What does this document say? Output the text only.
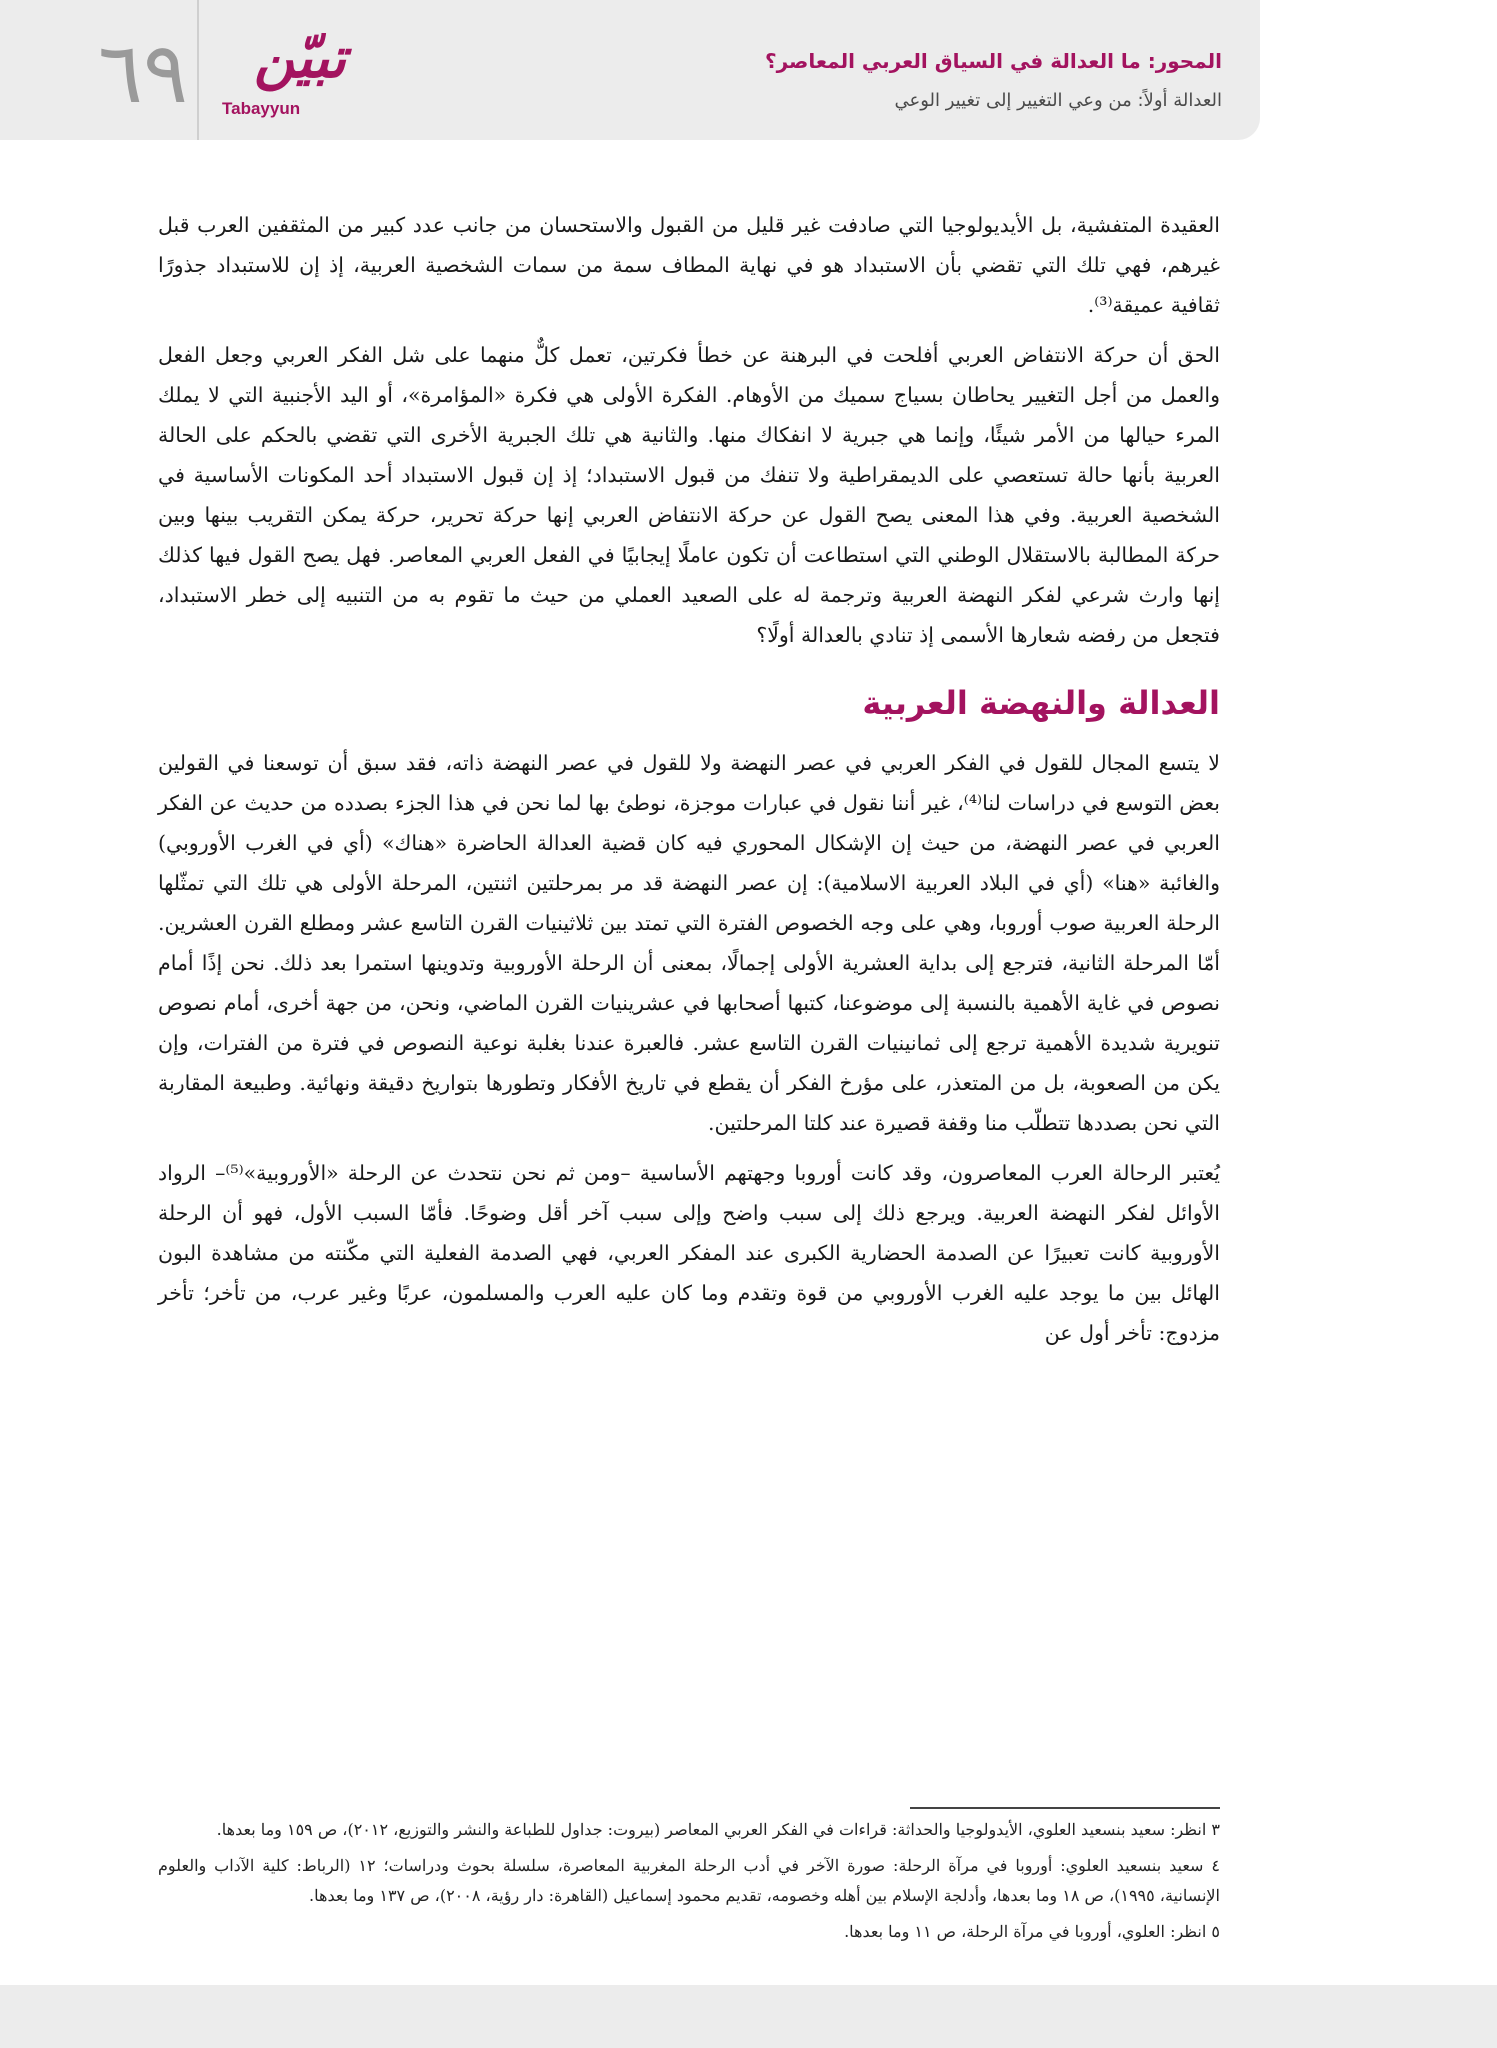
٦٩	تبيّن
Tabayyun
المحور: ما العدالة في السياق العربي المعاصر؟
العدالة أولاً: من وعي التغيير إلى تغيير الوعي

العقيدة المتفشية، بل الأيديولوجيا التي صادفت غير قليل من القبول والاستحسان من جانب عدد كبير من المثقفين العرب قبل غيرهم، فهي تلك التي تقضي بأن الاستبداد هو في نهاية المطاف سمة من سمات الشخصية العربية، إذ إن للاستبداد جذورًا ثقافية عميقة⁽³⁾.

الحق أن حركة الانتفاض العربي أفلحت في البرهنة عن خطأ فكرتين، تعمل كلٌّ منهما على شل الفكر العربي وجعل الفعل والعمل من أجل التغيير يحاطان بسياج سميك من الأوهام. الفكرة الأولى هي فكرة «المؤامرة»، أو اليد الأجنبية التي لا يملك المرء حيالها من الأمر شيئًا، وإنما هي جبرية لا انفكاك منها. والثانية هي تلك الجبرية الأخرى التي تقضي بالحكم على الحالة العربية بأنها حالة تستعصي على الديمقراطية ولا تنفك من قبول الاستبداد؛ إذ إن قبول الاستبداد أحد المكونات الأساسية في الشخصية العربية. وفي هذا المعنى يصح القول عن حركة الانتفاض العربي إنها حركة تحرير، حركة يمكن التقريب بينها وبين حركة المطالبة بالاستقلال الوطني التي استطاعت أن تكون عاملًا إيجابيًا في الفعل العربي المعاصر. فهل يصح القول فيها كذلك إنها وارث شرعي لفكر النهضة العربية وترجمة له على الصعيد العملي من حيث ما تقوم به من التنبيه إلى خطر الاستبداد، فتجعل من رفضه شعارها الأسمى إذ تنادي بالعدالة أولًا؟

العدالة والنهضة العربية

لا يتسع المجال للقول في الفكر العربي في عصر النهضة ولا للقول في عصر النهضة ذاته، فقد سبق أن توسعنا في القولين بعض التوسع في دراسات لنا⁽⁴⁾، غير أننا نقول في عبارات موجزة، نوطئ بها لما نحن في هذا الجزء بصدده من حديث عن الفكر العربي في عصر النهضة، من حيث إن الإشكال المحوري فيه كان قضية العدالة الحاضرة «هناك» (أي في الغرب الأوروبي) والغائبة «هنا» (أي في البلاد العربية الاسلامية): إن عصر النهضة قد مر بمرحلتين اثنتين، المرحلة الأولى هي تلك التي تمثّلها الرحلة العربية صوب أوروبا، وهي على وجه الخصوص الفترة التي تمتد بين ثلاثينيات القرن التاسع عشر ومطلع القرن العشرين. أمّا المرحلة الثانية، فترجع إلى بداية العشرية الأولى إجمالًا، بمعنى أن الرحلة الأوروبية وتدوينها استمرا بعد ذلك. نحن إذًا أمام نصوص في غاية الأهمية بالنسبة إلى موضوعنا، كتبها أصحابها في عشرينيات القرن الماضي، ونحن، من جهة أخرى، أمام نصوص تنويرية شديدة الأهمية ترجع إلى ثمانينيات القرن التاسع عشر. فالعبرة عندنا بغلبة نوعية النصوص في فترة من الفترات، وإن يكن من الصعوبة، بل من المتعذر، على مؤرخ الفكر أن يقطع في تاريخ الأفكار وتطورها بتواريخ دقيقة ونهائية. وطبيعة المقاربة التي نحن بصددها تتطلّب منا وقفة قصيرة عند كلتا المرحلتين.

يُعتبر الرحالة العرب المعاصرون، وقد كانت أوروبا وجهتهم الأساسية –ومن ثم نحن نتحدث عن الرحلة «الأوروبية»⁽⁵⁾– الرواد الأوائل لفكر النهضة العربية. ويرجع ذلك إلى سبب واضح وإلى سبب آخر أقل وضوحًا. فأمّا السبب الأول، فهو أن الرحلة الأوروبية كانت تعبيرًا عن الصدمة الحضارية الكبرى عند المفكر العربي، فهي الصدمة الفعلية التي مكّنته من مشاهدة البون الهائل بين ما يوجد عليه الغرب الأوروبي من قوة وتقدم وما كان عليه العرب والمسلمون، عربًا وغير عرب، من تأخر؛ تأخر مزدوج: تأخر أول عن

٣ انظر: سعيد بنسعيد العلوي، الأيدولوجيا والحداثة: قراءات في الفكر العربي المعاصر (بيروت: جداول للطباعة والنشر والتوزيع، ٢٠١٢)، ص ١٥٩ وما بعدها.

٤ سعيد بنسعيد العلوي: أوروبا في مرآة الرحلة: صورة الآخر في أدب الرحلة المغربية المعاصرة، سلسلة بحوث ودراسات؛ ١٢ (الرباط: كلية الآداب والعلوم الإنسانية، ١٩٩٥)، ص ١٨ وما بعدها، وأدلجة الإسلام بين أهله وخصومه، تقديم محمود إسماعيل (القاهرة: دار رؤية، ٢٠٠٨)، ص ١٣٧ وما بعدها.

٥ انظر: العلوي، أوروبا في مرآة الرحلة، ص ١١ وما بعدها.
